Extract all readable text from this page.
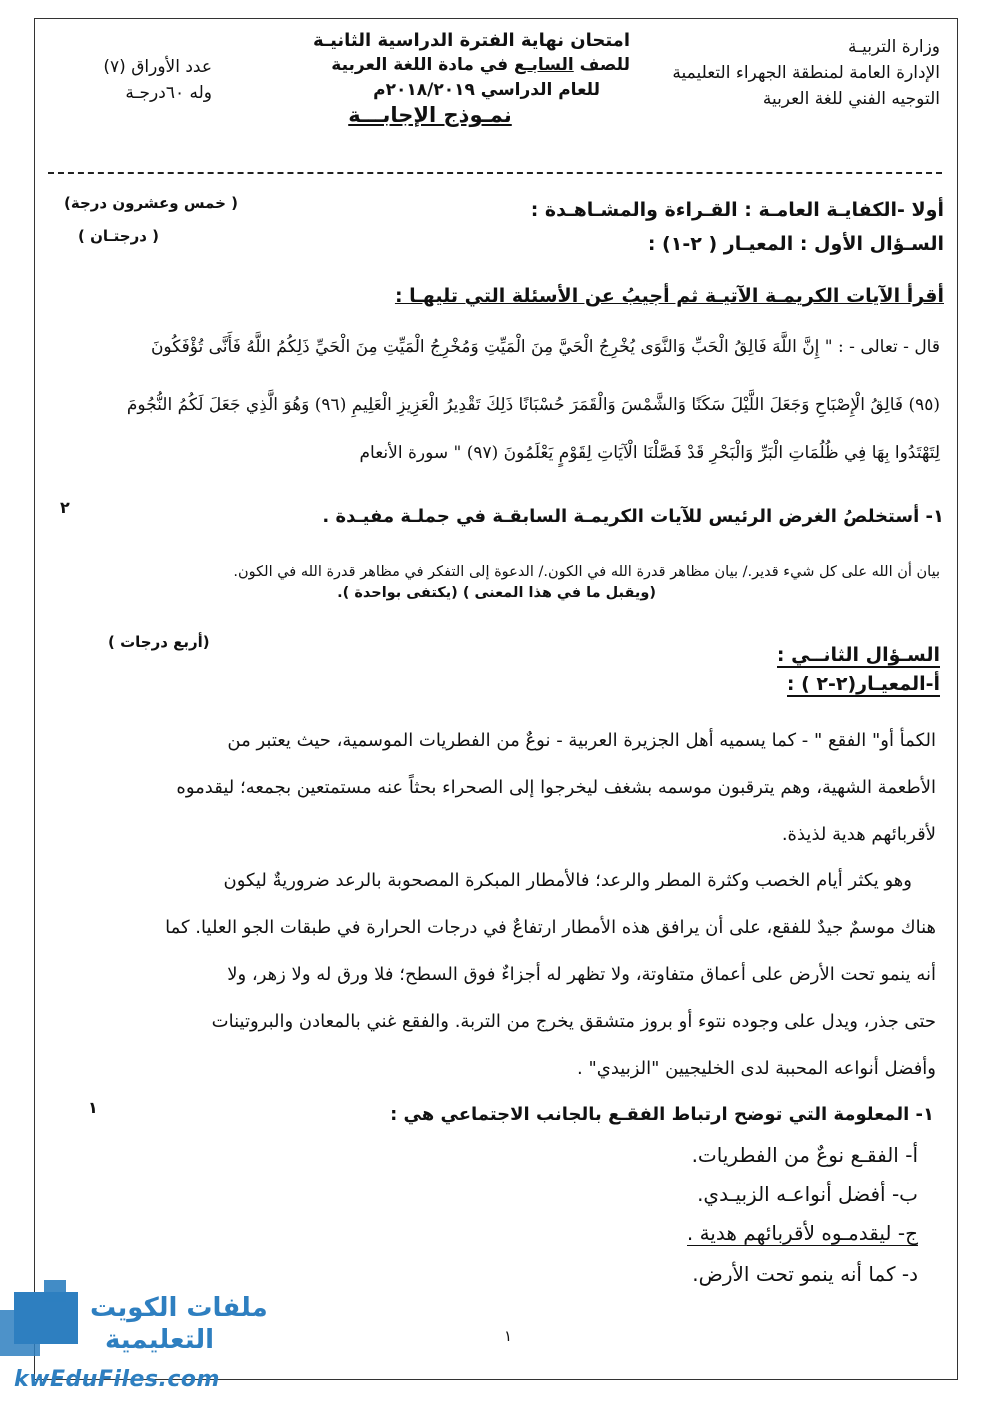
وزارة التربيـة
الإدارة العامة لمنطقة الجهراء التعليمية
التوجيه الفني للغة العربية
امتحان نهاية الفترة الدراسية الثانيـة
للصف السابـع في مادة اللغة العربية
للعام الدراسي ٢٠١٨/٢٠١٩م
نمـوذج الإجابـــة
عدد الأوراق (٧)
وله ٦٠درجـة
أولا -الكفايـة العامـة : القـراءة والمشـاهـدة :
( خمس وعشرون درجة)
السـؤال الأول : المعيـار ( ٢-١) :
( درجتـان )
أقرأ الآيات الكريمـة الآتيـة ثم أجيبُ عن الأسئلة التي تليهـا :
قال - تعالى - : " إِنَّ اللَّهَ فَالِقُ الْحَبِّ وَالنَّوَى يُخْرِجُ الْحَيَّ مِنَ الْمَيِّتِ وَمُخْرِجُ الْمَيِّتِ مِنَ الْحَيِّ ذَلِكُمُ اللَّهُ فَأَنَّى تُؤْفَكُونَ
(٩٥) فَالِقُ الْإِصْبَاحِ وَجَعَلَ اللَّيْلَ سَكَنًا وَالشَّمْسَ وَالْقَمَرَ حُسْبَانًا ذَلِكَ تَقْدِيرُ الْعَزِيزِ الْعَلِيمِ (٩٦) وَهُوَ الَّذِي جَعَلَ لَكُمُ النُّجُومَ
لِتَهْتَدُوا بِهَا فِي ظُلُمَاتِ الْبَرِّ وَالْبَحْرِ قَدْ فَصَّلْنَا الْآيَاتِ لِقَوْمٍ يَعْلَمُونَ (٩٧) " سورة الأنعام
١- أستخلصُ الغرض الرئيس للآيات الكريمـة السابقـة في جملـة مفيـدة .
٢
بيان أن الله على كل شيء قدير./ بيان مظاهر قدرة الله في الكون./ الدعوة إلى التفكر في مظاهر قدرة الله في الكون.
(ويقبل ما في هذا المعنى ) (يكتفى بواحدة ).
(أربع درجات )
السـؤال الثانــي :
أ-المعيـار(٢-٢ ) :
الكمأ أو" الفقع " - كما يسميه أهل الجزيرة العربية - نوعٌ من الفطريات الموسمية، حيث يعتبر من
الأطعمة الشهية، وهم يترقبون موسمه بشغف ليخرجوا إلى الصحراء بحثاً عنه مستمتعين بجمعه؛ ليقدموه
لأقربائهم هدية لذيذة.
وهو يكثر أيام الخصب وكثرة المطر والرعد؛ فالأمطار المبكرة المصحوبة بالرعد ضروريةٌ ليكون
هناك موسمٌ جيدٌ للفقع، على أن يرافق هذه الأمطار ارتفاعٌ في درجات الحرارة في طبقات الجو العليا. كما
أنه ينمو تحت الأرض على أعماق متفاوتة، ولا تظهر له أجزاءٌ فوق السطح؛ فلا ورق له ولا زهر، ولا
حتى جذر، ويدل على وجوده نتوء أو بروز متشقق يخرج من التربة. والفقع غني بالمعادن والبروتينات
وأفضل أنواعه المحببة لدى الخليجيين "الزبيدي" .
١- المعلومة التي توضح ارتباط الفقـع بالجانب الاجتماعي هي :
١
أ- الفقـع نوعٌ من الفطريات.
ب- أفضل أنواعـه الزبيـدي.
ج- ليقدمـوه لأقربائهم هدية .
د- كما أنه ينمو تحت الأرض.
١
ملفات الكويت
التعليمية
kwEduFiles.com
